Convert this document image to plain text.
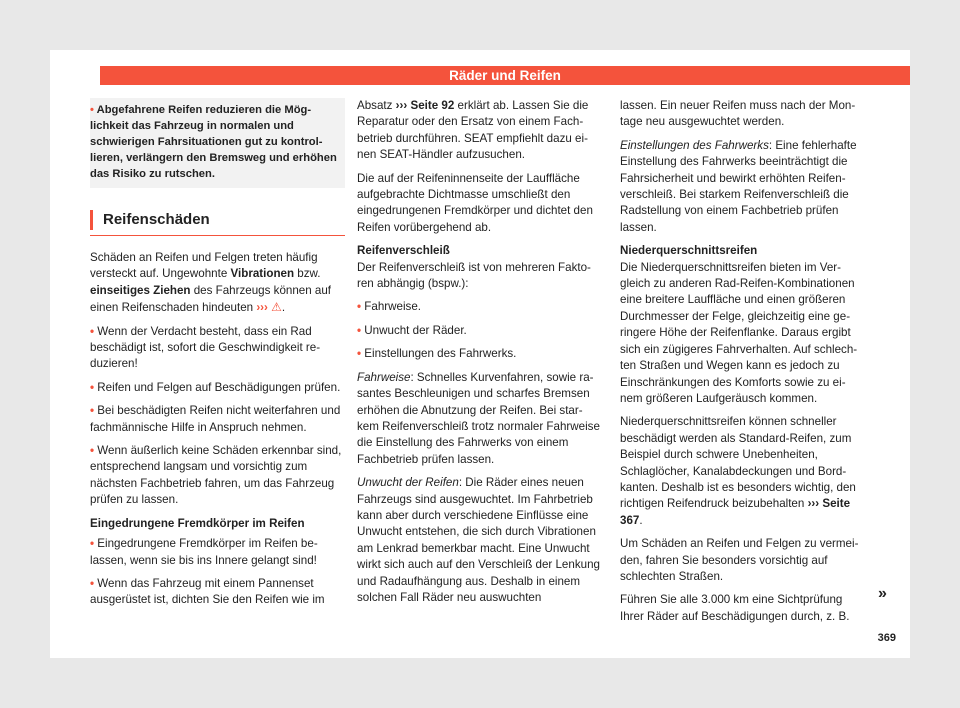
Räder und Reifen
• Abgefahrene Reifen reduzieren die Möglichkeit das Fahrzeug in normalen und schwierigen Fahrsituationen gut zu kontrollieren, verlängern den Bremsweg und erhöhen das Risiko zu rutschen.
Reifenschäden

Schäden an Reifen und Felgen treten häufig versteckt auf. Ungewohnte Vibrationen bzw. einseitiges Ziehen des Fahrzeugs können auf einen Reifenschaden hindeuten ››› ⚠.

• Wenn der Verdacht besteht, dass ein Rad beschädigt ist, sofort die Geschwindigkeit reduzieren!

• Reifen und Felgen auf Beschädigungen prüfen.

• Bei beschädigten Reifen nicht weiterfahren und fachmännische Hilfe in Anspruch nehmen.

• Wenn äußerlich keine Schäden erkennbar sind, entsprechend langsam und vorsichtig zum nächsten Fachbetrieb fahren, um das Fahrzeug prüfen zu lassen.

Eingedrungene Fremdkörper im Reifen

• Eingedrungene Fremdkörper im Reifen belassen, wenn sie bis ins Innere gelangt sind!

• Wenn das Fahrzeug mit einem Pannenset ausgerüstet ist, dichten Sie den Reifen wie im

Absatz ››› Seite 92 erklärt ab. Lassen Sie die Reparatur oder den Ersatz von einem Fachbetrieb durchführen. SEAT empfiehlt dazu einen SEAT-Händler aufzusuchen.

Die auf der Reifeninnenseite der Lauffläche aufgebrachte Dichtmasse umschließt den eingedrungenen Fremdkörper und dichtet den Reifen vorübergehend ab.

Reifenverschleiß

Der Reifenverschleiß ist von mehreren Faktoren abhängig (bspw.):

• Fahrweise.

• Unwucht der Räder.

• Einstellungen des Fahrwerks.

Fahrweise: Schnelles Kurvenfahren, sowie rasantes Beschleunigen und scharfes Bremsen erhöhen die Abnutzung der Reifen. Bei starkem Reifenverschleiß trotz normaler Fahrweise die Einstellung des Fahrwerks von einem Fachbetrieb prüfen lassen.

Unwucht der Reifen: Die Räder eines neuen Fahrzeugs sind ausgewuchtet. Im Fahrbetrieb kann aber durch verschiedene Einflüsse eine Unwucht entstehen, die sich durch Vibrationen am Lenkrad bemerkbar macht. Eine Unwucht wirkt sich auch auf den Verschleiß der Lenkung und Radaufhängung aus. Deshalb in einem solchen Fall Räder neu auswuchten

lassen. Ein neuer Reifen muss nach der Montage neu ausgewuchtet werden.

Einstellungen des Fahrwerks: Eine fehlerhafte Einstellung des Fahrwerks beeinträchtigt die Fahrsicherheit und bewirkt erhöhten Reifenverschleiß. Bei starkem Reifenverschleiß die Radstellung von einem Fachbetrieb prüfen lassen.

Niederquerschnittsreifen

Die Niederquerschnittsreifen bieten im Vergleich zu anderen Rad-Reifen-Kombinationen eine breitere Lauffläche und einen größeren Durchmesser der Felge, gleichzeitig eine geringere Höhe der Reifenflanke. Daraus ergibt sich ein zügigeres Fahrverhalten. Auf schlechten Straßen und Wegen kann es jedoch zu Einschränkungen des Komforts sowie zu einem größeren Laufgeräusch kommen.

Niederquerschnittsreifen können schneller beschädigt werden als Standard-Reifen, zum Beispiel durch schwere Unebenheiten, Schlaglöcher, Kanalabdeckungen und Bordkanten. Deshalb ist es besonders wichtig, den richtigen Reifendruck beizubehalten ››› Seite 367.

Um Schäden an Reifen und Felgen zu vermeiden, fahren Sie besonders vorsichtig auf schlechten Straßen.

Führen Sie alle 3.000 km eine Sichtprüfung Ihrer Räder auf Beschädigungen durch, z. B.

»
369
